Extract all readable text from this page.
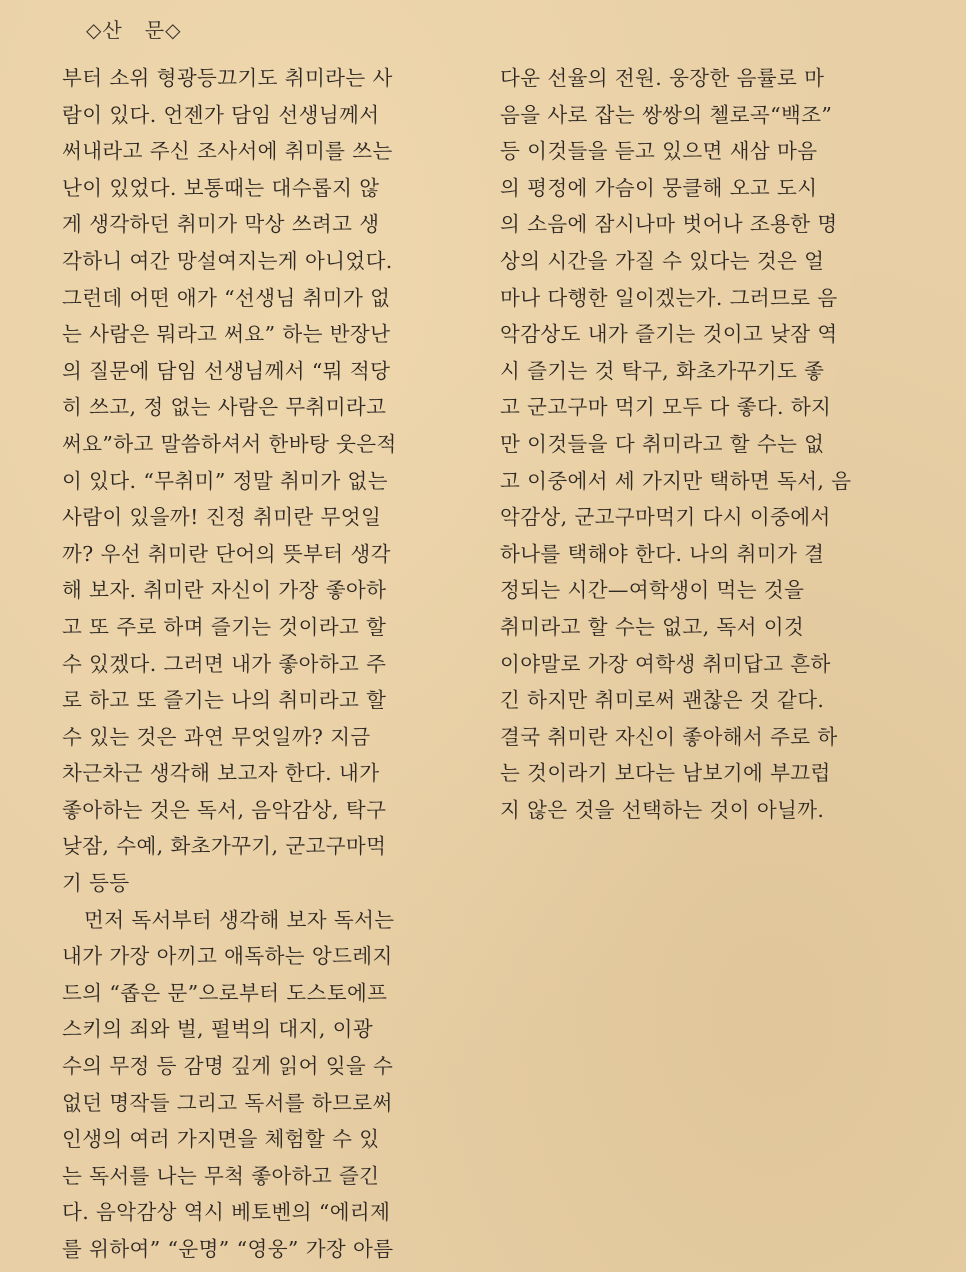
◇산   문◇
부터 소위 형광등끄기도 취미라는 사
람이 있다. 언젠가 담임 선생님께서
써내라고 주신 조사서에 취미를 쓰는
난이 있었다. 보통때는 대수롭지 않
게 생각하던 취미가 막상 쓰려고 생
각하니 여간 망설여지는게 아니었다.
그런데 어떤 애가 “선생님 취미가 없
는 사람은 뭐라고 써요” 하는 반장난
의 질문에 담임 선생님께서 “뭐 적당
히 쓰고, 정 없는 사람은 무취미라고
써요”하고 말씀하셔서 한바탕 웃은적
이 있다. “무취미” 정말 취미가 없는
사람이 있을까! 진정 취미란 무엇일
까? 우선 취미란 단어의 뜻부터 생각
해 보자. 취미란 자신이 가장 좋아하
고 또 주로 하며 즐기는 것이라고 할
수 있겠다. 그러면 내가 좋아하고 주
로 하고 또 즐기는 나의 취미라고 할
수 있는 것은 과연 무엇일까? 지금
차근차근 생각해 보고자 한다. 내가
좋아하는 것은 독서, 음악감상, 탁구
낮잠, 수예, 화초가꾸기, 군고구마먹
기 등등
먼저 독서부터 생각해 보자 독서는
내가 가장 아끼고 애독하는 앙드레지
드의 “좁은 문”으로부터 도스토에프
스키의 죄와 벌, 펄벅의 대지, 이광
수의 무정 등 감명 깊게 읽어 잊을 수
없던 명작들 그리고 독서를 하므로써
인생의 여러 가지면을 체험할 수 있
는 독서를 나는 무척 좋아하고 즐긴
다. 음악감상 역시 베토벤의 “에리제
를 위하여” “운명” “영웅” 가장 아름
다운 선율의 전원. 웅장한 음률로 마
음을 사로 잡는 쌍쌍의 첼로곡“백조”
등 이것들을 듣고 있으면 새삼 마음
의 평정에 가슴이 뭉클해 오고 도시
의 소음에 잠시나마 벗어나 조용한 명
상의 시간을 가질 수 있다는 것은 얼
마나 다행한 일이겠는가. 그러므로 음
악감상도 내가 즐기는 것이고 낮잠 역
시 즐기는 것 탁구, 화초가꾸기도 좋
고 군고구마 먹기 모두 다 좋다. 하지
만 이것들을 다 취미라고 할 수는 없
고 이중에서 세 가지만 택하면 독서, 음
악감상, 군고구마먹기 다시 이중에서
하나를 택해야 한다. 나의 취미가 결
정되는 시간—여학생이 먹는 것을
취미라고 할 수는 없고, 독서 이것
이야말로 가장 여학생 취미답고 흔하
긴 하지만 취미로써 괜찮은 것 같다.
결국 취미란 자신이 좋아해서 주로 하
는 것이라기 보다는 남보기에 부끄럽
지 않은 것을 선택하는 것이 아닐까.
